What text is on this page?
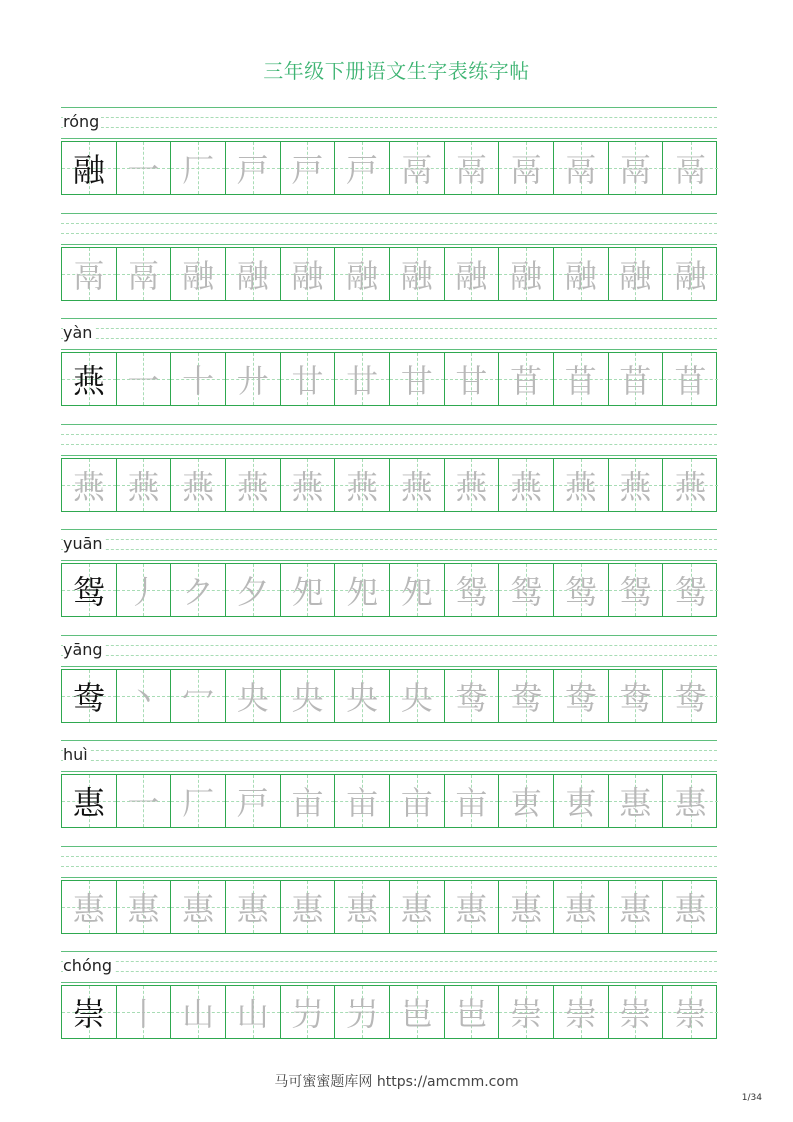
三年级下册语文生字表练字帖
róng
融 一 厂 戸 戸 戸 鬲 鬲 鬲 鬲 鬲 鬲
鬲 鬲 融 融 融 融 融 融 融 融 融 融
yàn
燕 一 十 廾 廿 廿 甘 甘 苜 苜 苜 苜
燕 燕 燕 燕 燕 燕 燕 燕 燕 燕 燕 燕
yuān
鸳 丿 ク 夕 夗 夗 夗 鸳 鸳 鸳 鸳 鸳
yāng
鸯 丶 冖 央 央 央 央 鸯 鸯 鸯 鸯 鸯
huì
惠 一 厂 戸 亩 亩 亩 亩 叀 叀 惠 惠
惠 惠 惠 惠 惠 惠 惠 惠 惠 惠 惠 惠
chóng
崇 丨 山 山 屶 屶 岜 岜 崇 崇 崇 崇
马可蜜蜜题库网 https://amcmm.com
1/34
